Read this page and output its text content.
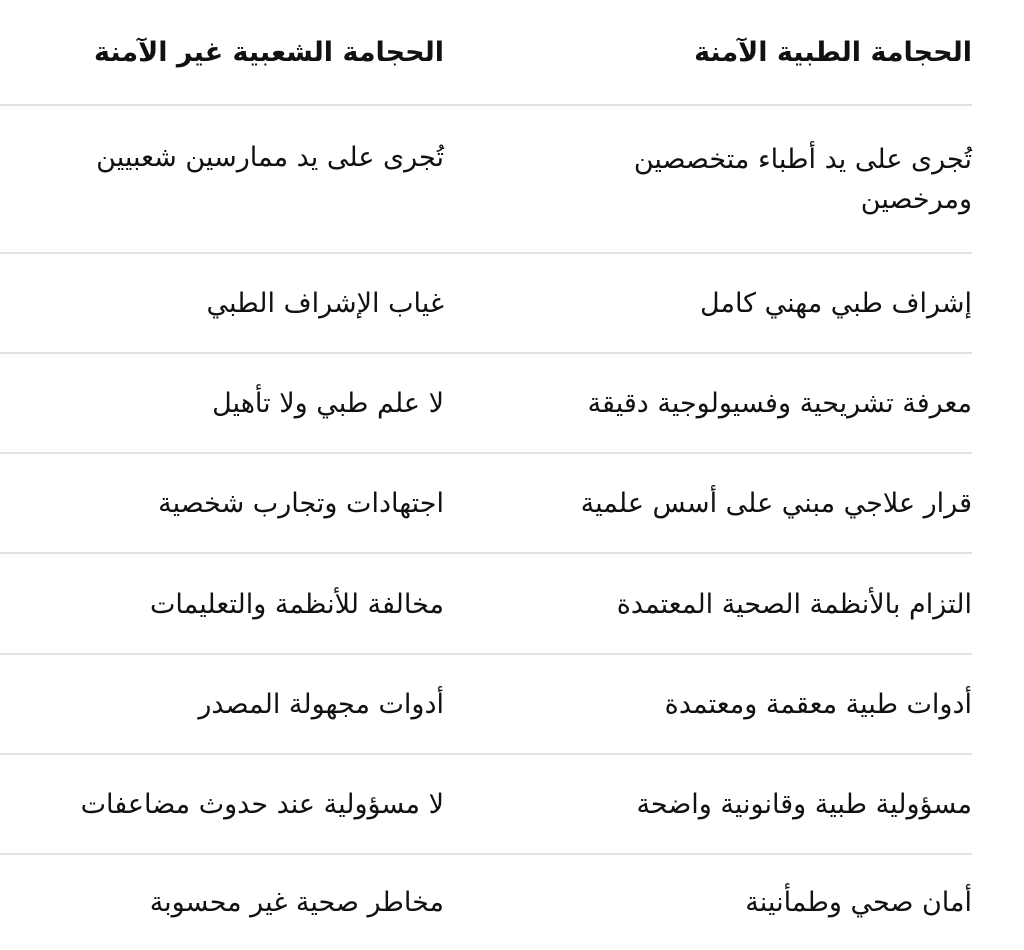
الحجامة الطبية الآمنة
الحجامة الشعبية غير الآمنة
تُجرى على يد أطباء متخصصين ومرخصين
تُجرى على يد ممارسين شعبيين
إشراف طبي مهني كامل
غياب الإشراف الطبي
معرفة تشريحية وفسيولوجية دقيقة
لا علم طبي ولا تأهيل
قرار علاجي مبني على أسس علمية
اجتهادات وتجارب شخصية
التزام بالأنظمة الصحية المعتمدة
مخالفة للأنظمة والتعليمات
أدوات طبية معقمة ومعتمدة
أدوات مجهولة المصدر
مسؤولية طبية وقانونية واضحة
لا مسؤولية عند حدوث مضاعفات
أمان صحي وطمأنينة
مخاطر صحية غير محسوبة
